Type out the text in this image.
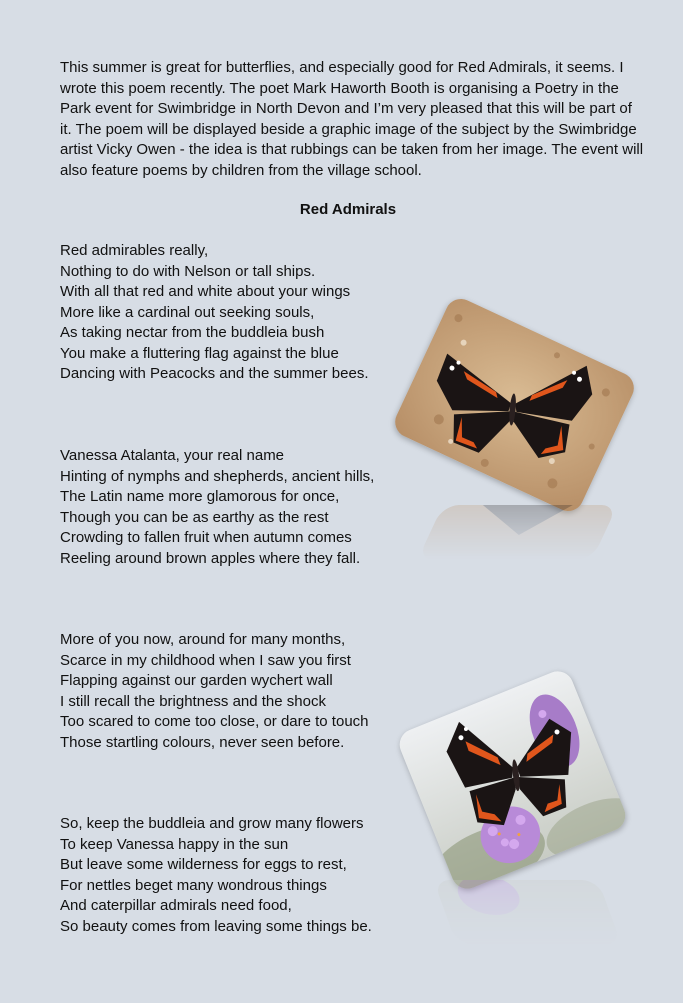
This summer is great for butterflies, and especially good for Red Admirals, it seems. I wrote this poem recently. The poet Mark Haworth Booth is organising a Poetry in the Park event for Swimbridge in North Devon and I’m very pleased that this will be part of it. The poem will be displayed beside a graphic image of the subject by the Swimbridge artist Vicky Owen - the idea is that rubbings can be taken from her image. The event will also feature poems by children from the village school.

Red Admirals

Red admirables really,
Nothing to do with Nelson or tall ships.
With all that red and white about your wings
More like a cardinal out seeking souls,
As taking nectar from the buddleia bush
You make a fluttering flag against the blue
Dancing with Peacocks and the summer bees.

Vanessa Atalanta, your real name
Hinting of nymphs and shepherds, ancient hills,
The Latin name more glamorous for once,
Though you can be as earthy as the rest
Crowding to fallen fruit when autumn comes
Reeling around brown apples where they fall.

More of you now, around for many months,
Scarce in my childhood when I saw you first
Flapping against our garden wychert wall
I still recall the brightness and the shock
Too scared to come too close, or dare to touch
Those startling colours, never seen before.

So, keep the buddleia and grow many flowers
To keep Vanessa happy in the sun
But leave some wilderness for eggs to rest,
For nettles beget many wondrous things
And caterpillar admirals need food,
So beauty comes from leaving some things be.
